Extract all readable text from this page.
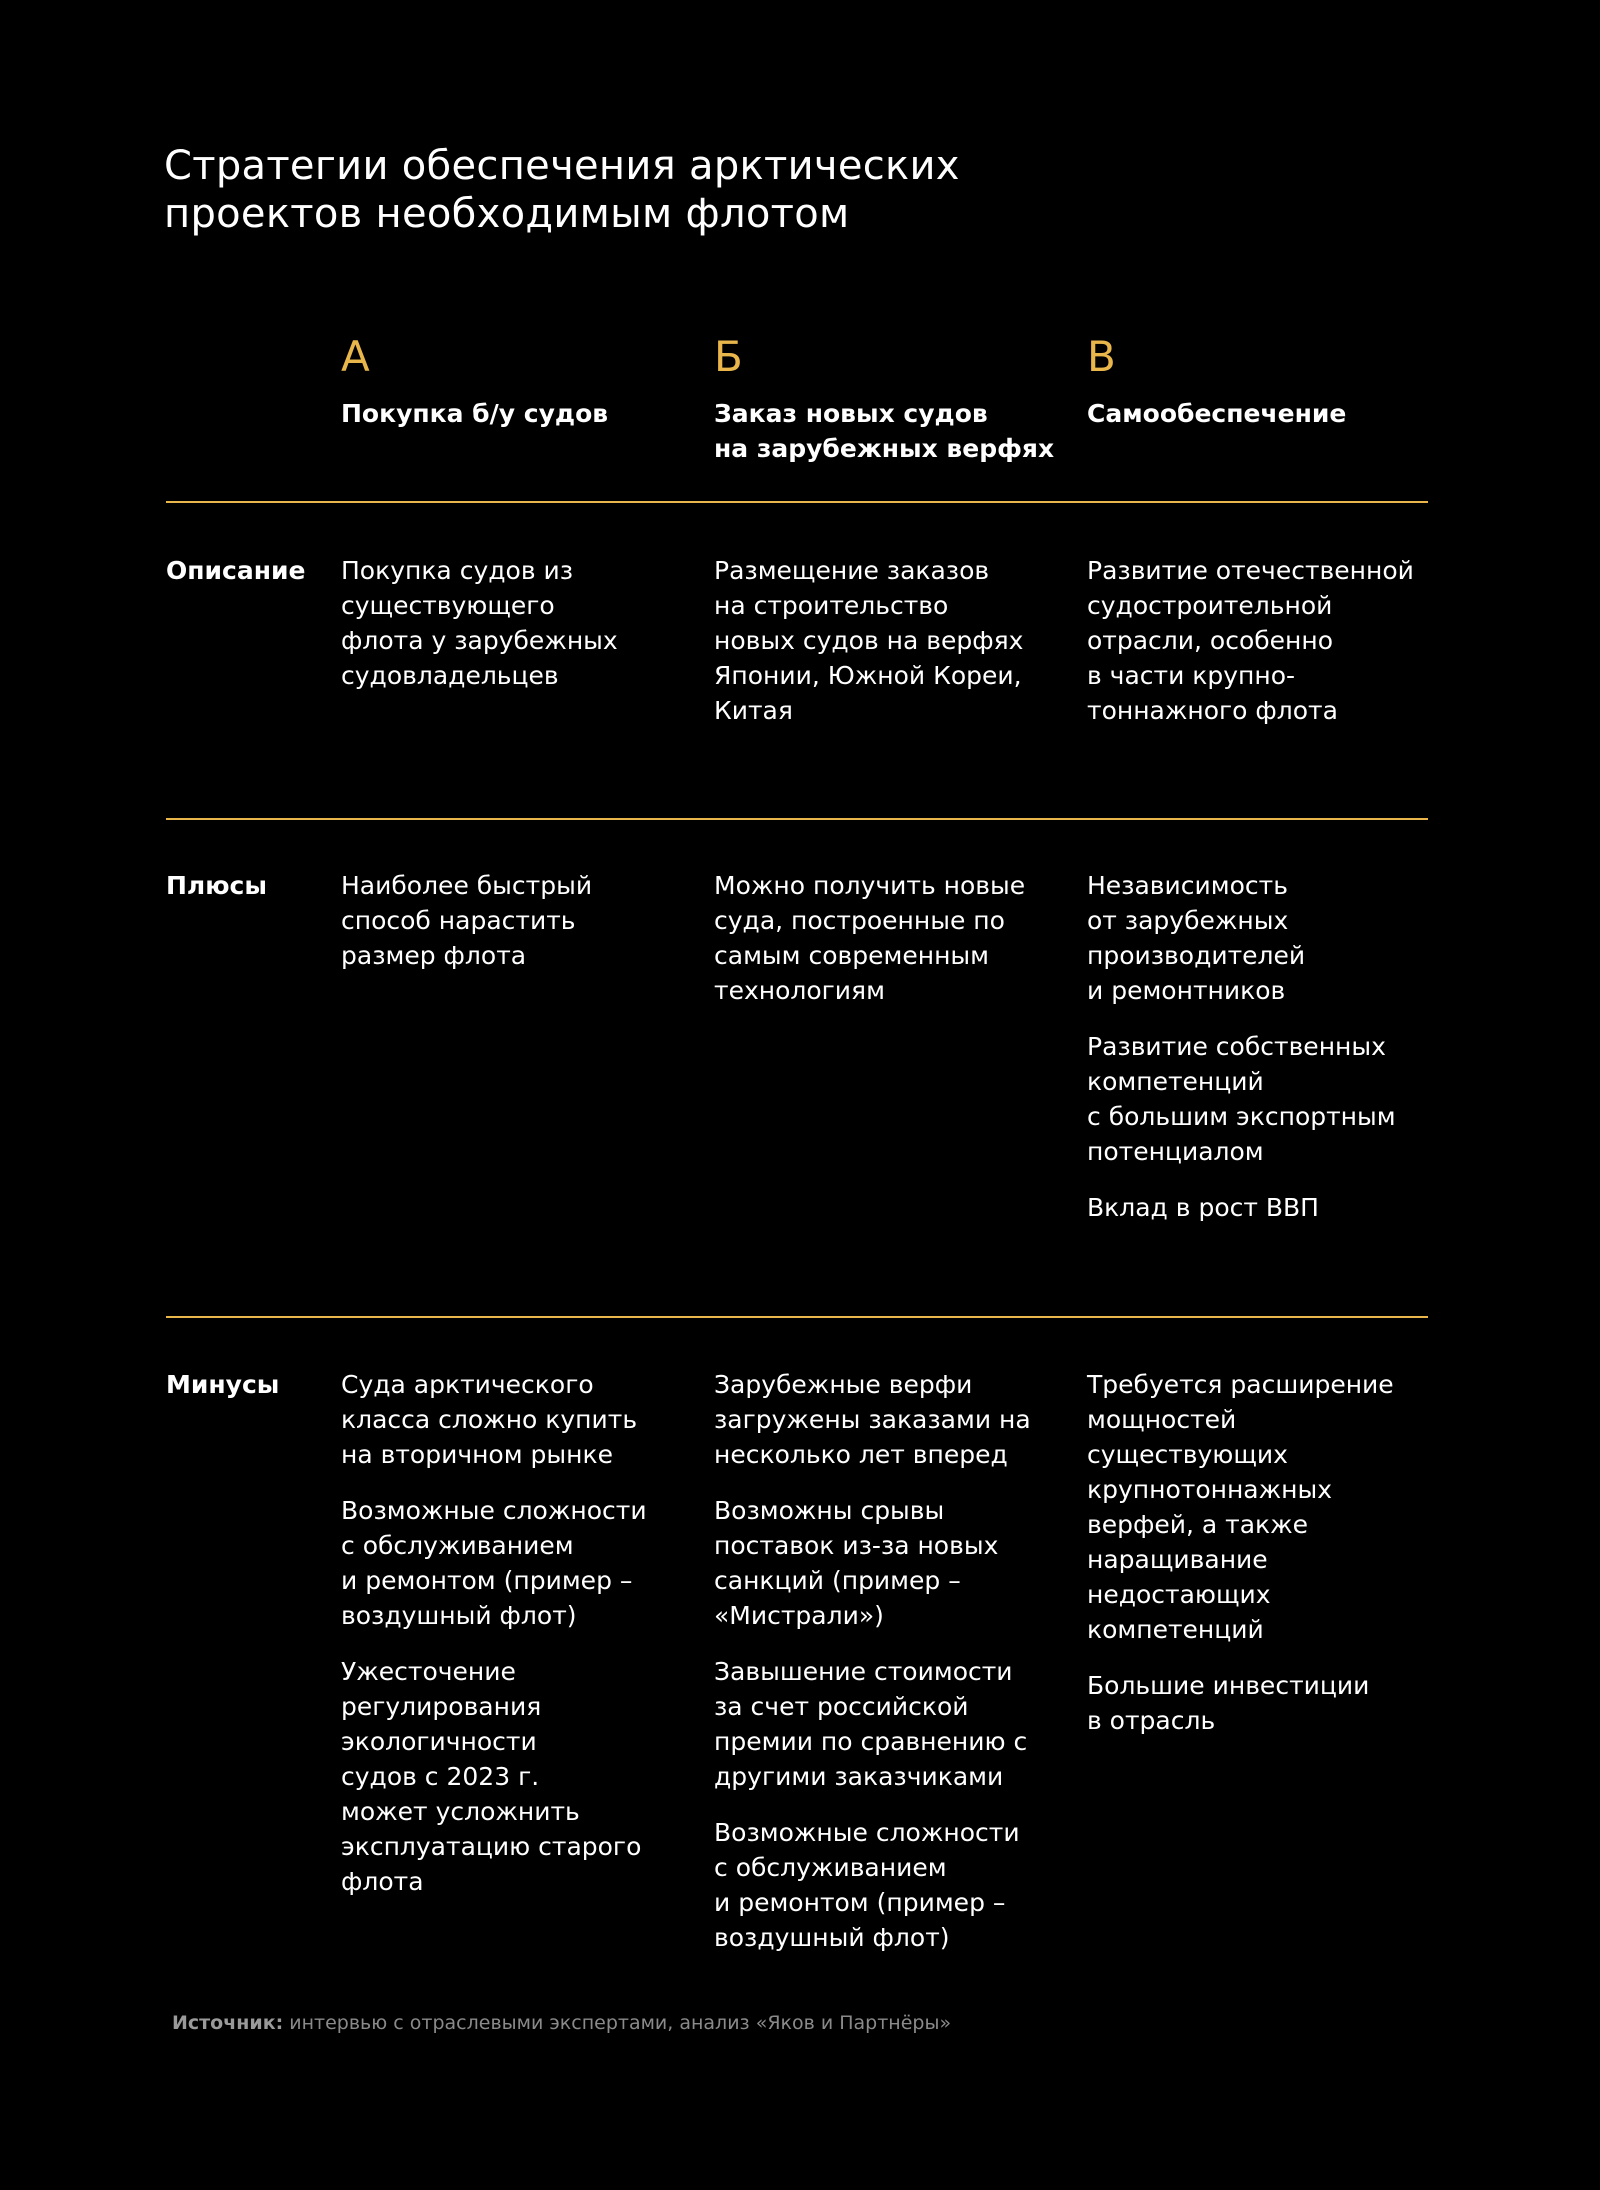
Стратегии обеспечения арктических
проектов необходимым флотом
А
Покупка б/у судов
Б
Заказ новых судов
на зарубежных верфях
В
Самообеспечение
Описание Покупка судов из
существующего
флота у зарубежных
судовладельцев

Размещение заказов
на строительство
новых судов на верфях
Японии, Южной Кореи,
Китая

Развитие отечественной
судостроительной
отрасли, особенно
в части крупно-
тоннажного флота

Плюсы	Наиболее быстрый
способ нарастить
размер флота

Можно получить новые
суда, построенные по
самым современным
технологиям

Независимость
от зарубежных
производителей
и ремонтников

Развитие собственных
компетенций
с большим экспортным
потенциалом

Вклад в рост ВВП

Минусы Суда арктического
класса сложно купить
на вторичном рынке

Возможные сложности
с обслуживанием
и ремонтом (пример –
воздушный флот)

Ужесточение
регулирования
экологичности
судов с 2023 г.
может усложнить
эксплуатацию старого
флота

Зарубежные верфи
загружены заказами на
несколько лет вперед

Возможны срывы
поставок из-за новых
санкций (пример –
«Мистрали»)

Завышение стоимости
за счет российской
премии по сравнению с
другими заказчиками

Возможные сложности
с обслуживанием
и ремонтом (пример –
воздушный флот)

Требуется расширение
мощностей
существующих
крупнотоннажных
верфей, а также
наращивание
недостающих
компетенций

Большие инвестиции
в отрасль

Источник: интервью с отраслевыми экспертами, анализ «Яков и Партнёры»
